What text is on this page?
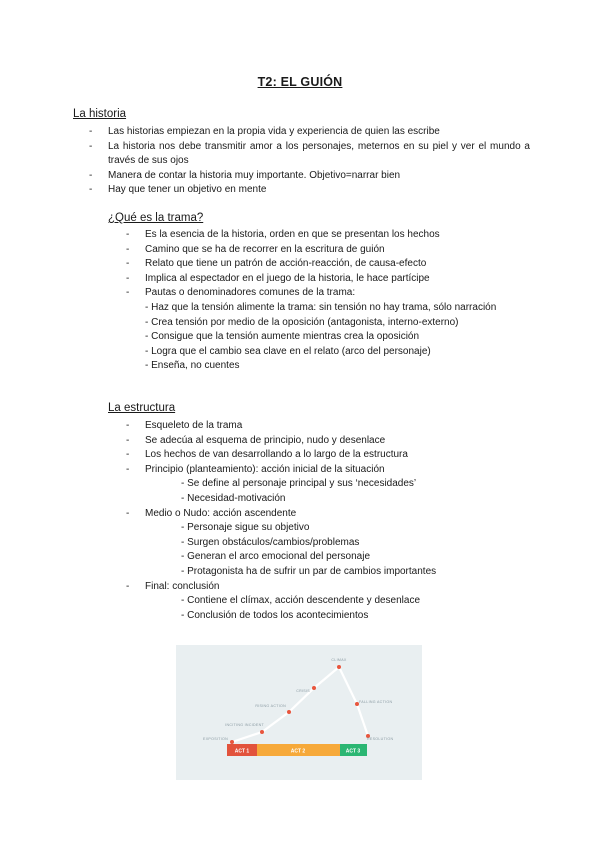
T2: EL GUIÓN
La historia
- Las historias empiezan en la propia vida y experiencia de quien las escribe
- La historia nos debe transmitir amor a los personajes, meternos en su piel y ver el mundo a través de sus ojos
- Manera de contar la historia muy importante. Objetivo=narrar bien
- Hay que tener un objetivo en mente
¿Qué es la trama?
- Es la esencia de la historia, orden en que se presentan los hechos
- Camino que se ha de recorrer en la escritura de guión
- Relato que tiene un patrón de acción-reacción, de causa-efecto
- Implica al espectador en el juego de la historia, le hace partícipe
- Pautas o denominadores comunes de la trama:
- Haz que la tensión alimente la trama: sin tensión no hay trama, sólo narración
- Crea tensión por medio de la oposición (antagonista, interno-externo)
- Consigue que la tensión aumente mientras crea la oposición
- Logra que el cambio sea clave en el relato (arco del personaje)
- Enseña, no cuentes
La estructura
- Esqueleto de la trama
- Se adecúa al esquema de principio, nudo y desenlace
- Los hechos de van desarrollando a lo largo de la estructura
- Principio (planteamiento): acción inicial de la situación
- Se define al personaje principal y sus ‘necesidades’
- Necesidad-motivación
- Medio o Nudo: acción ascendente
- Personaje sigue su objetivo
- Surgen obstáculos/cambios/problemas
- Generan el arco emocional del personaje
- Protagonista ha de sufrir un par de cambios importantes
- Final: conclusión
- Contiene el clímax, acción descendente y desenlace
- Conclusión de todos los acontecimientos
ACT 1	ACT 2	ACT 3
EXPOSITION
INCITING INCIDENT
RISING ACTION
CRISIS
CLIMAX
FALLING ACTION
RESOLUTION
